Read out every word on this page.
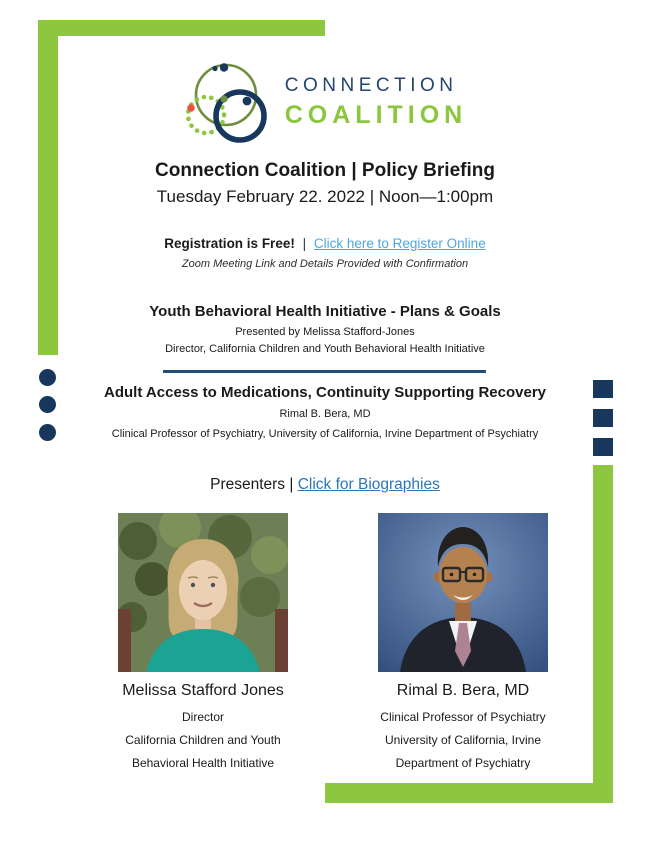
CONNECTION
COALITION
Connection Coalition | Policy Briefing
Tuesday February 22. 2022 | Noon—1:00pm
Registration is Free! | Click here to Register Online
Zoom Meeting Link and Details Provided with Confirmation
Youth Behavioral Health Initiative - Plans & Goals
Presented by Melissa Stafford-Jones
Director, California Children and Youth Behavioral Health Initiative
Adult Access to Medications, Continuity Supporting Recovery
Rimal B. Bera, MD
Clinical Professor of Psychiatry, University of California, Irvine Department of Psychiatry
Presenters | Click for Biographies
Melissa Stafford Jones
Director
California Children and Youth
Behavioral Health Initiative
Rimal B. Bera, MD
Clinical Professor of Psychiatry
University of California, Irvine
Department of Psychiatry
